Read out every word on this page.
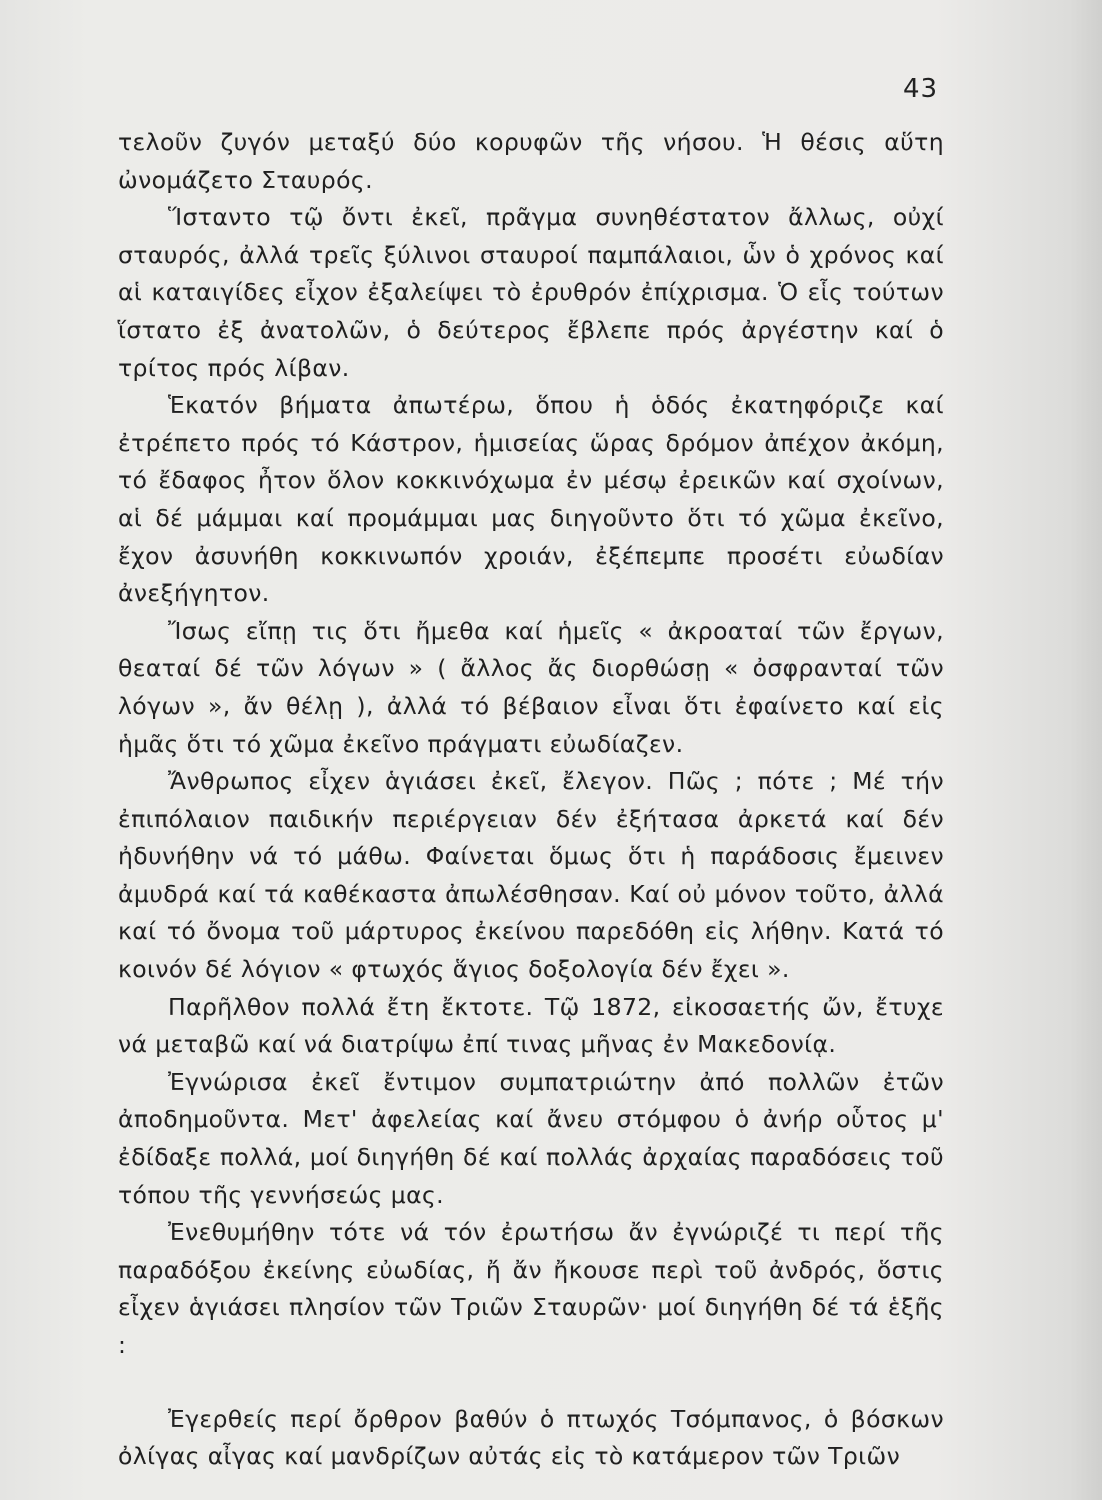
43

τελοῦν ζυγόν μεταξύ δύο κορυφῶν τῆς νήσου. Ἡ θέσις αὕτη ὠνομάζετο Σταυρός.

Ἵσταντο τῷ ὄντι ἐκεῖ, πρᾶγμα συνηθέστατον ἄλλως, οὐχί σταυρός, ἀλλά τρεῖς ξύλινοι σταυροί παμπάλαιοι, ὧν ὁ χρόνος καί αἱ καταιγίδες εἶχον ἐξαλείψει τὸ ἐρυθρόν ἐπίχρισμα. Ὁ εἷς τούτων ἵστατο ἐξ ἀνατολῶν, ὁ δεύτερος ἔβλεπε πρός ἀργέστην καί ὁ τρίτος πρός λίβαν.

Ἑκατόν βήματα ἀπωτέρω, ὅπου ἡ ὁδός ἐκατηφόριζε καί ἐτρέπετο πρός τό Κάστρον, ἡμισείας ὥρας δρόμον ἀπέχον ἀκόμη, τό ἔδαφος ἦτον ὅλον κοκκινόχωμα ἐν μέσῳ ἐρεικῶν καί σχοίνων, αἱ δέ μάμμαι καί προμάμμαι μας διηγοῦντο ὅτι τό χῶμα ἐκεῖνο, ἔχον ἀσυνήθη κοκκινωπόν χροιάν, ἐξέπεμπε προσέτι εὐωδίαν ἀνεξήγητον.

Ἴσως εἴπῃ τις ὅτι ἤμεθα καί ἡμεῖς « ἀκροαταί τῶν ἔργων, θεαταί δέ τῶν λόγων » ( ἄλλος ἄς διορθώσῃ « ὀσφρανταί τῶν λόγων », ἄν θέλῃ ), ἀλλά τό βέβαιον εἶναι ὅτι ἐφαίνετο καί εἰς ἡμᾶς ὅτι τό χῶμα ἐκεῖνο πράγματι εὐωδίαζεν.

Ἄνθρωπος εἶχεν ἁγιάσει ἐκεῖ, ἔλεγον. Πῶς ; πότε ; Μέ τήν ἐπιπόλαιον παιδικήν περιέργειαν δέν ἐξήτασα ἀρκετά καί δέν ἠδυνήθην νά τό μάθω. Φαίνεται ὅμως ὅτι ἡ παράδοσις ἔμεινεν ἀμυδρά καί τά καθέκαστα ἀπωλέσθησαν. Καί οὐ μόνον τοῦτο, ἀλλά καί τό ὄνομα τοῦ μάρτυρος ἐκείνου παρεδόθη εἰς λήθην. Κατά τό κοινόν δέ λόγιον « φτωχός ἅγιος δοξολογία δέν ἔχει ».

Παρῆλθον πολλά ἔτη ἔκτοτε. Τῷ 1872, εἰκοσαετής ὤν, ἔτυχε νά μεταβῶ καί νά διατρίψω ἐπί τινας μῆνας ἐν Μακεδονίᾳ.

Ἐγνώρισα ἐκεῖ ἔντιμον συμπατριώτην ἀπό πολλῶν ἐτῶν ἀποδημοῦντα. Μετ' ἀφελείας καί ἄνευ στόμφου ὁ ἀνήρ οὗτος μ' ἐδίδαξε πολλά, μοί διηγήθη δέ καί πολλάς ἀρχαίας παραδόσεις τοῦ τόπου τῆς γεννήσεώς μας.

Ἐνεθυμήθην τότε νά τόν ἐρωτήσω ἄν ἐγνώριζέ τι περί τῆς παραδόξου ἐκείνης εὐωδίας, ἤ ἄν ἤκουσε περὶ τοῦ ἀνδρός, ὅστις εἶχεν ἁγιάσει πλησίον τῶν Τριῶν Σταυρῶν· μοί διηγήθη δέ τά ἑξῆς :

Ἐγερθείς περί ὄρθρον βαθύν ὁ πτωχός Τσόμπανος, ὁ βόσκων ὀλίγας αἶγας καί μανδρίζων αὐτάς εἰς τὸ κατάμερον τῶν Τριῶν
